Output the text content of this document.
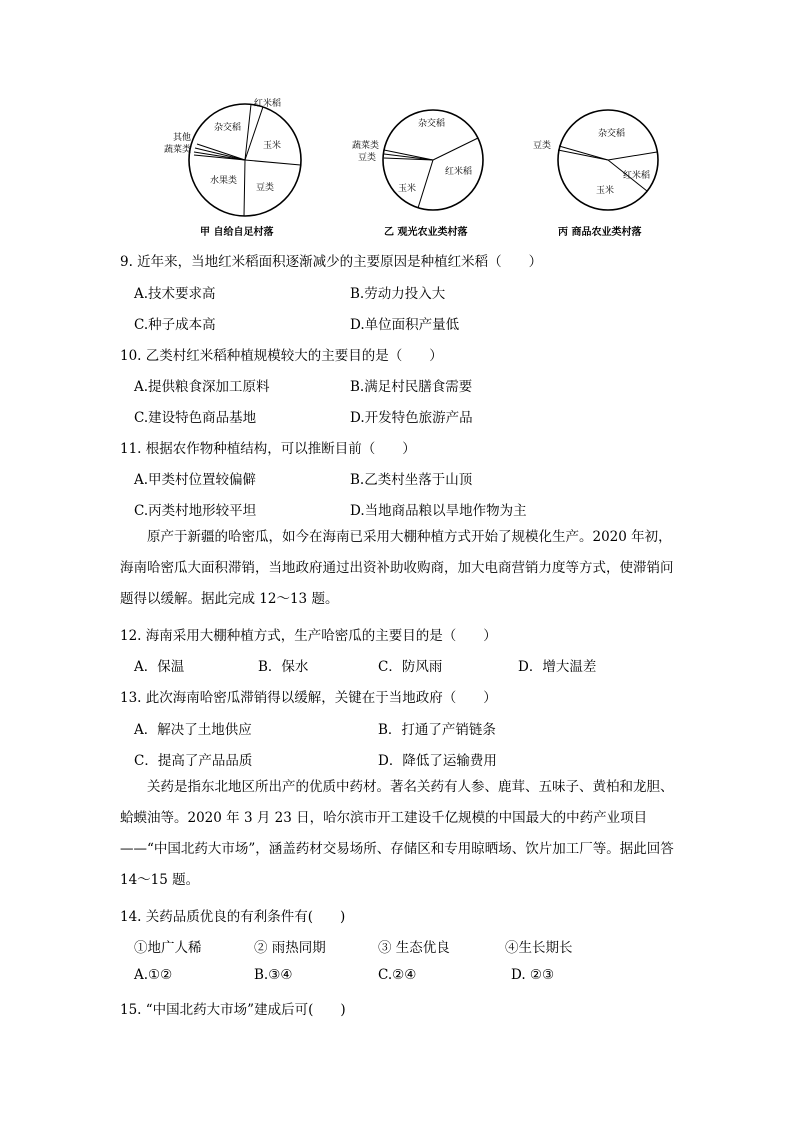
红米稻
杂交稻
玉米
豆类
水果类
其他
蔬菜类
杂交稻
红米稻
玉米
蔬菜类
豆类
杂交稻
红米稻
玉米
豆类
甲 自给自足村落	乙 观光农业类村落	丙 商品农业类村落
9. 近年来，当地红米稻面积逐渐减少的主要原因是种植红米稻（　　）
A.技术要求高	B.劳动力投入大
C.种子成本高	D.单位面积产量低
10. 乙类村红米稻种植规模较大的主要目的是（　　）
A.提供粮食深加工原料	B.满足村民膳食需要
C.建设特色商品基地	D.开发特色旅游产品
11. 根据农作物种植结构，可以推断目前（　　）
A.甲类村位置较偏僻	B.乙类村坐落于山顶
C.丙类村地形较平坦	D.当地商品粮以旱地作物为主
原产于新疆的哈密瓜，如今在海南已采用大棚种植方式开始了规模化生产。2020 年初，海南哈密瓜大面积滞销，当地政府通过出资补助收购商，加大电商营销力度等方式，使滞销问题得以缓解。据此完成 12～13 题。
12. 海南采用大棚种植方式，生产哈密瓜的主要目的是（　　）
A．保温	B．保水	C．防风雨	D．增大温差
13. 此次海南哈密瓜滞销得以缓解，关键在于当地政府（　　）
A．解决了土地供应	B．打通了产销链条
C．提高了产品品质	D．降低了运输费用
关药是指东北地区所出产的优质中药材。著名关药有人参、鹿茸、五味子、黄柏和龙胆、蛤蟆油等。2020 年 3 月 23 日，哈尔滨市开工建设千亿规模的中国最大的中药产业项目——“中国北药大市场”，涵盖药材交易场所、存储区和专用晾晒场、饮片加工厂等。据此回答 14～15 题。
14. 关药品质优良的有利条件有(　　)
①地广人稀	② 雨热同期	③ 生态优良	④生长期长
A.①②	B.③④	C.②④	D. ②③
15. “中国北药大市场”建成后可(　　)
